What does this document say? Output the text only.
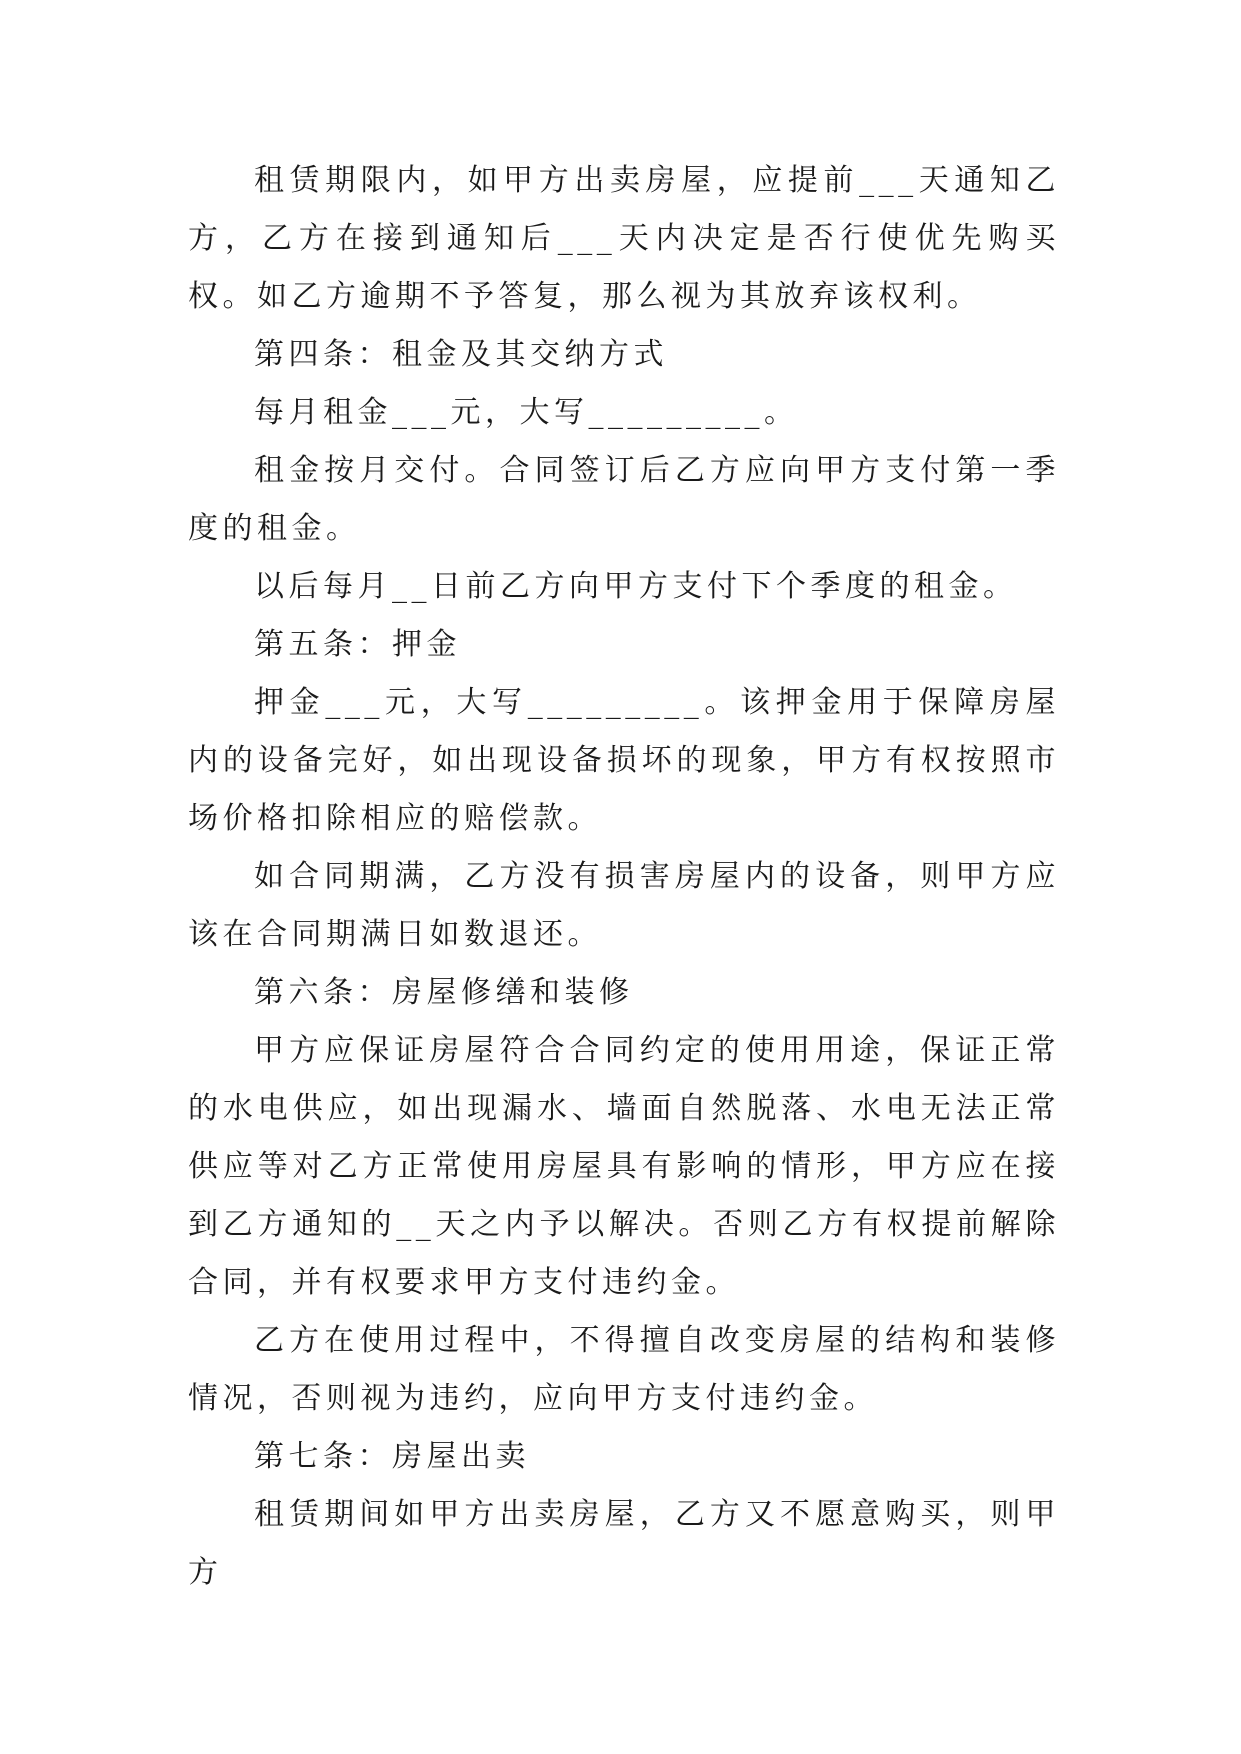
租赁期限内，如甲方出卖房屋，应提前___天通知乙方，乙方在接到通知后___天内决定是否行使优先购买权。如乙方逾期不予答复，那么视为其放弃该权利。

第四条：租金及其交纳方式

每月租金___元，大写_________。

租金按月交付。合同签订后乙方应向甲方支付第一季度的租金。

以后每月__日前乙方向甲方支付下个季度的租金。

第五条：押金

押金___元，大写_________。该押金用于保障房屋内的设备完好，如出现设备损坏的现象，甲方有权按照市场价格扣除相应的赔偿款。

如合同期满，乙方没有损害房屋内的设备，则甲方应该在合同期满日如数退还。

第六条：房屋修缮和装修

甲方应保证房屋符合合同约定的使用用途，保证正常的水电供应，如出现漏水、墙面自然脱落、水电无法正常供应等对乙方正常使用房屋具有影响的情形，甲方应在接到乙方通知的__天之内予以解决。否则乙方有权提前解除合同，并有权要求甲方支付违约金。

乙方在使用过程中，不得擅自改变房屋的结构和装修情况，否则视为违约，应向甲方支付违约金。

第七条：房屋出卖

租赁期间如甲方出卖房屋，乙方又不愿意购买，则甲方
